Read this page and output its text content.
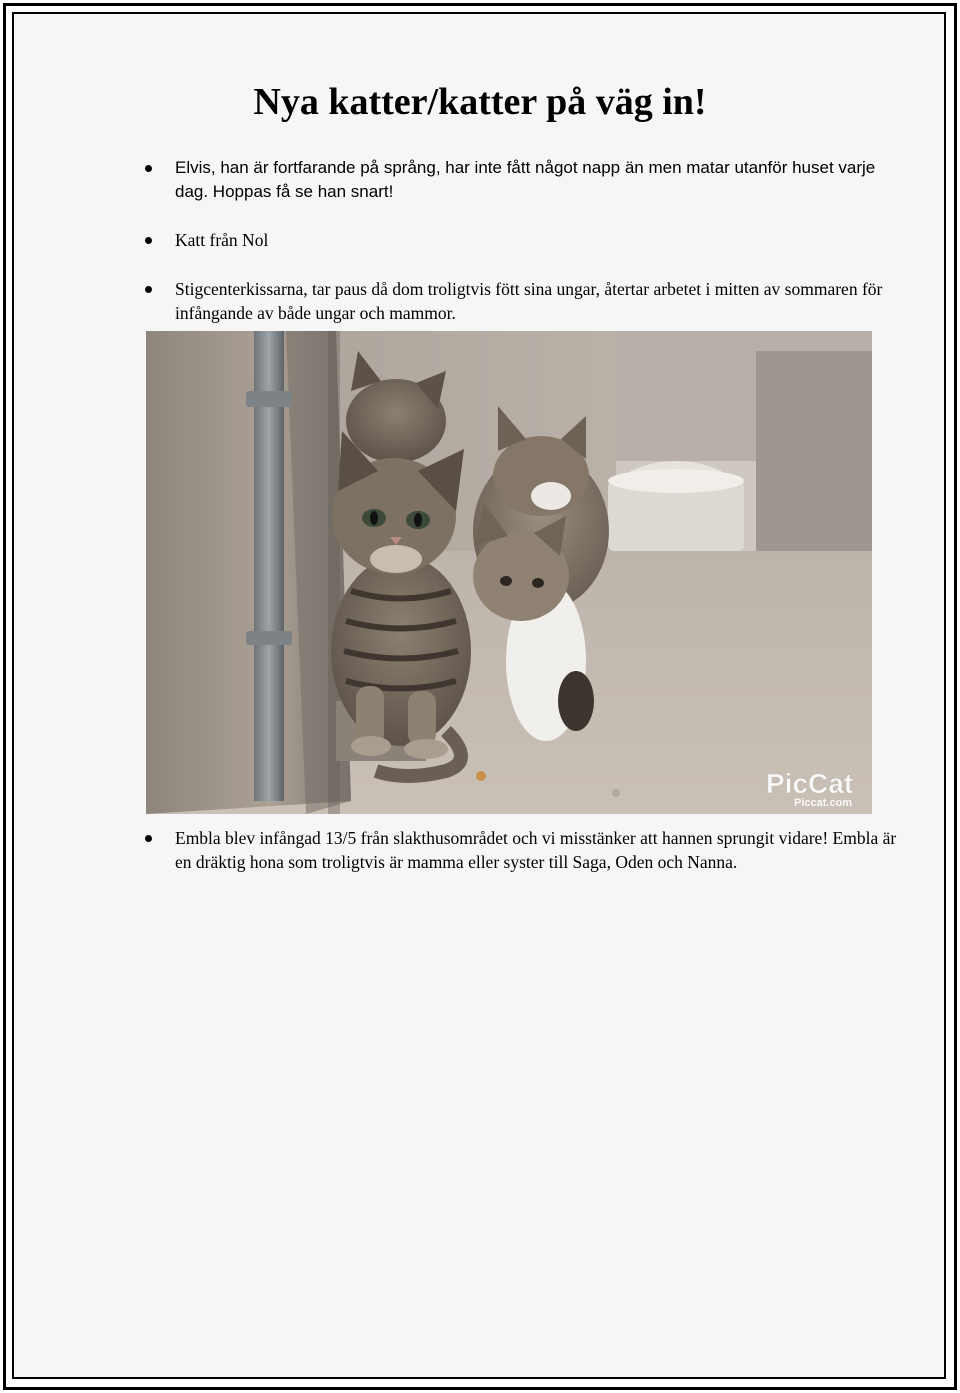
Nya katter/katter på väg in!
Elvis, han är fortfarande på språng, har inte fått något napp än men matar utanför huset varje dag. Hoppas få se han snart!
Katt från Nol
Stigcenterkissarna, tar paus då dom troligtvis fött sina ungar, återtar arbetet i mitten av sommaren för infångande av både ungar och mammor.
Embla blev infångad 13/5 från slakthusområdet och vi misstänker att hannen sprungit vidare! Embla är en dräktig hona som troligtvis är mamma eller syster till Saga, Oden och Nanna.
PicCat
Piccat.com
